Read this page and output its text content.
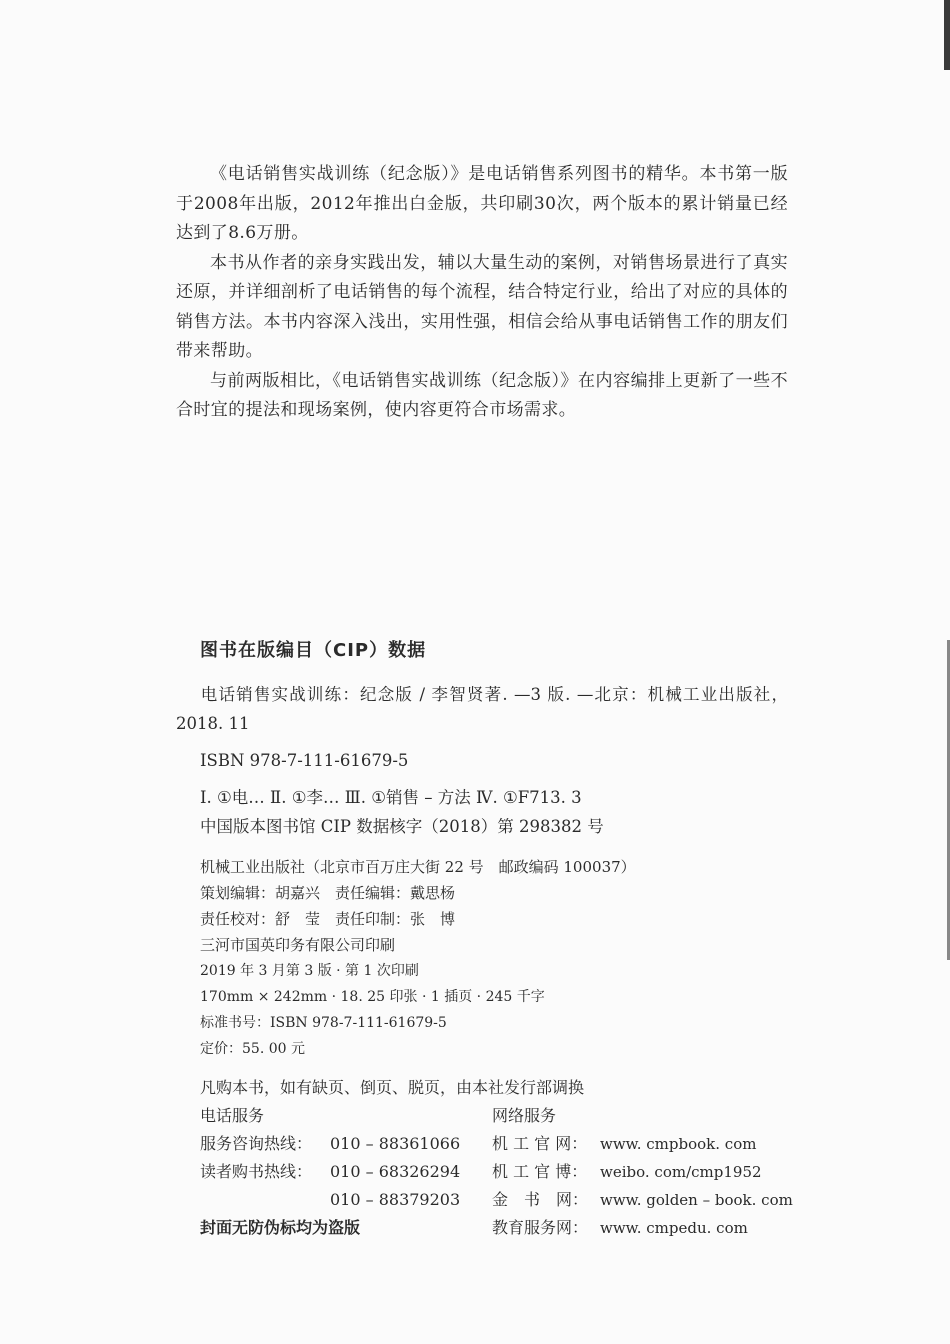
《电话销售实战训练（纪念版）》是电话销售系列图书的精华。本书第一版于2008年出版，2012年推出白金版，共印刷30次，两个版本的累计销量已经达到了8.6万册。

本书从作者的亲身实践出发，辅以大量生动的案例，对销售场景进行了真实还原，并详细剖析了电话销售的每个流程，结合特定行业，给出了对应的具体的销售方法。本书内容深入浅出，实用性强，相信会给从事电话销售工作的朋友们带来帮助。

与前两版相比，《电话销售实战训练（纪念版）》在内容编排上更新了一些不合时宜的提法和现场案例，使内容更符合市场需求。

图书在版编目（CIP）数据

电话销售实战训练：纪念版 / 李智贤著. —3 版. —北京：机械工业出版社，2018. 11

ISBN 978-7-111-61679-5

Ⅰ. ①电… Ⅱ. ①李… Ⅲ. ①销售 – 方法 Ⅳ. ①F713. 3

中国版本图书馆 CIP 数据核字（2018）第 298382 号

机械工业出版社（北京市百万庄大街 22 号　邮政编码 100037）
策划编辑：胡嘉兴　责任编辑：戴思杨
责任校对：舒　莹　责任印制：张　博
三河市国英印务有限公司印刷
2019 年 3 月第 3 版 · 第 1 次印刷
170mm × 242mm · 18. 25 印张 · 1 插页 · 245 千字
标准书号：ISBN 978-7-111-61679-5
定价：55. 00 元
凡购本书，如有缺页、倒页、脱页，由本社发行部调换
电话服务
服务咨询热线： 010 – 88361066
读者购书热线： 010 – 68326294
010 – 88379203
封面无防伪标均为盗版
网络服务
机 工 官 网： www. cmpbook. com
机 工 官 博： weibo. com/cmp1952
金　书　网： www. golden – book. com
教育服务网： www. cmpedu. com
